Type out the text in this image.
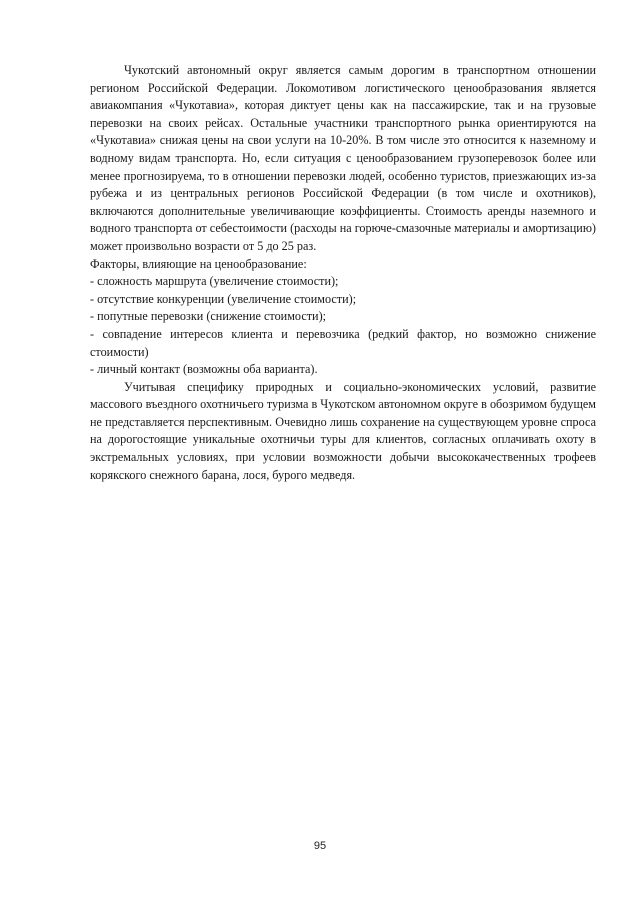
Чукотский автономный округ является самым дорогим в транспортном отношении регионом Российской Федерации. Локомотивом логистического ценообразования является авиакомпания «Чукотавиа», которая диктует цены как на пассажирские, так и на грузовые перевозки на своих рейсах. Остальные участники транспортного рынка ориентируются на «Чукотавиа» снижая цены на свои услуги на 10-20%. В том числе это относится к наземному и водному видам транспорта. Но, если ситуация с ценообразованием грузоперевозок более или менее прогнозируема, то в отношении перевозки людей, особенно туристов, приезжающих из-за рубежа и из центральных регионов Российской Федерации (в том числе и охотников), включаются дополнительные увеличивающие коэффициенты. Стоимость аренды наземного и водного транспорта от себестоимости (расходы на горюче-смазочные материалы и амортизацию) может произвольно возрасти от 5 до 25 раз.

Факторы, влияющие на ценообразование:

- сложность маршрута (увеличение стоимости);
- отсутствие конкуренции (увеличение стоимости);
- попутные перевозки (снижение стоимости);
- совпадение интересов клиента и перевозчика (редкий фактор, но возможно снижение стоимости)
- личный контакт (возможны оба варианта).

Учитывая специфику природных и социально-экономических условий, развитие массового въездного охотничьего туризма в Чукотском автономном округе в обозримом будущем не представляется перспективным. Очевидно лишь сохранение на существующем уровне спроса на дорогостоящие уникальные охотничьи туры для клиентов, согласных оплачивать охоту в экстремальных условиях, при условии возможности добычи высококачественных трофеев корякского снежного барана, лося, бурого медведя.

95
